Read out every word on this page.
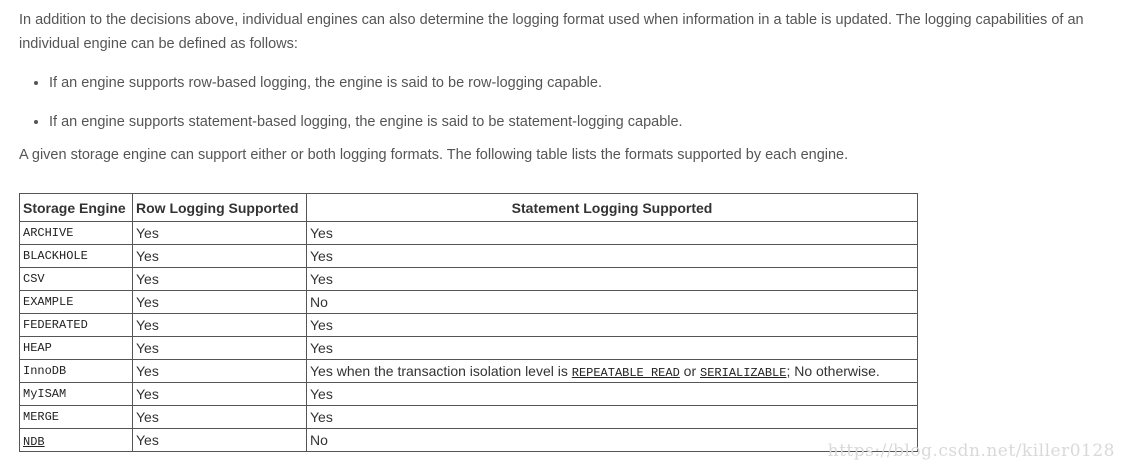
In addition to the decisions above, individual engines can also determine the logging format used when information in a table is updated. The logging capabilities of an individual engine can be defined as follows:

• If an engine supports row-based logging, the engine is said to be row-logging capable.
• If an engine supports statement-based logging, the engine is said to be statement-logging capable.

A given storage engine can support either or both logging formats. The following table lists the formats supported by each engine.

Storage Engine	Row Logging Supported	Statement Logging Supported
ARCHIVE	Yes	Yes
BLACKHOLE	Yes	Yes
CSV	Yes	Yes
EXAMPLE	Yes	No
FEDERATED	Yes	Yes
HEAP	Yes	Yes
InnoDB	Yes	Yes when the transaction isolation level is REPEATABLE READ or SERIALIZABLE; No otherwise.
MyISAM	Yes	Yes
MERGE	Yes	Yes
NDB	Yes	No
https://blog.csdn.net/killer0128
